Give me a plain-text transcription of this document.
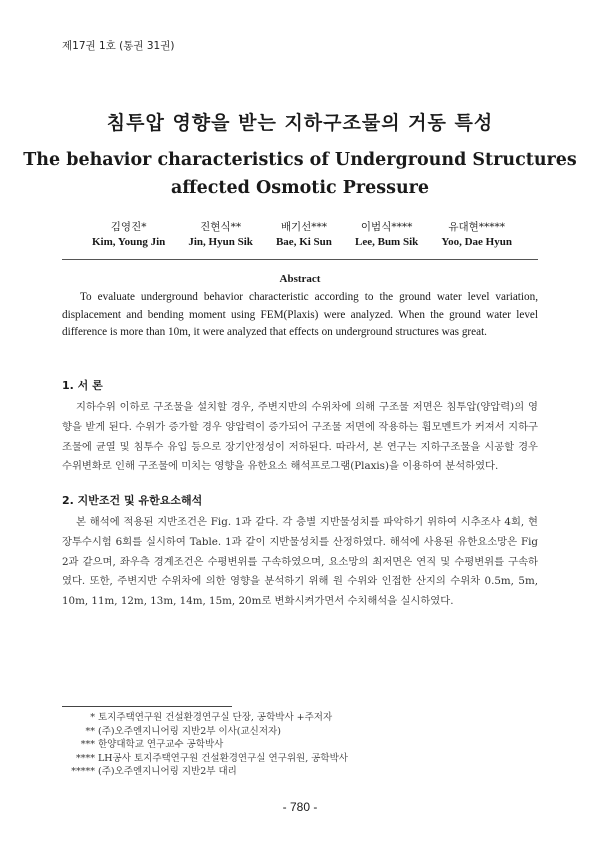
제17권 1호 (통권 31권)
침투압 영향을 받는 지하구조물의 거동 특성
The behavior characteristics of Underground Structures
affected Osmotic Pressure
김영진*
Kim, Young Jin
진현식**
Jin, Hyun Sik
배기선***
Bae, Ki Sun
이범식****
Lee, Bum Sik
유대현*****
Yoo, Dae Hyun
Abstract

To evaluate underground behavior characteristic according to the ground water level variation, displacement and bending moment using FEM(Plaxis) were analyzed. When the ground water level difference is more than 10m, it were analyzed that effects on underground structures was great.

1. 서 론

지하수위 이하로 구조물을 설치할 경우, 주변지반의 수위차에 의해 구조물 저면은 침투압(양압력)의 영향을 받게 된다. 수위가 증가할 경우 양압력이 증가되어 구조물 저면에 작용하는 휨모멘트가 커져서 지하구조물에 균열 및 침투수 유입 등으로 장기안정성이 저하된다. 따라서, 본 연구는 지하구조물을 시공할 경우 수위변화로 인해 구조물에 미치는 영향을 유한요소 해석프로그램(Plaxis)을 이용하여 분석하였다.

2. 지반조건 및 유한요소해석

본 해석에 적용된 지반조건은 Fig. 1과 같다. 각 층별 지반물성치를 파악하기 위하여 시추조사 4회, 현장투수시험 6회를 실시하여 Table. 1과 같이 지반물성치를 산정하였다. 해석에 사용된 유한요소망은 Fig 2과 같으며, 좌우측 경계조건은 수평변위를 구속하였으며, 요소망의 최저면은 연직 및 수평변위를 구속하였다. 또한, 주변지반 수위차에 의한 영향을 분석하기 위해 원 수위와 인접한 산지의 수위차 0.5m, 5m, 10m, 11m, 12m, 13m, 14m, 15m, 20m로 변화시켜가면서 수치해석을 실시하였다.

* 토지주택연구원 건설환경연구실 단장, 공학박사 +주저자
** (주)오주엔지니어링 지반2부 이사(교신저자)
*** 한양대학교 연구교수 공학박사
**** LH공사 토지주택연구원 건설환경연구실 연구위원, 공학박사
***** (주)오주엔지니어링 지반2부 대리
- 780 -
